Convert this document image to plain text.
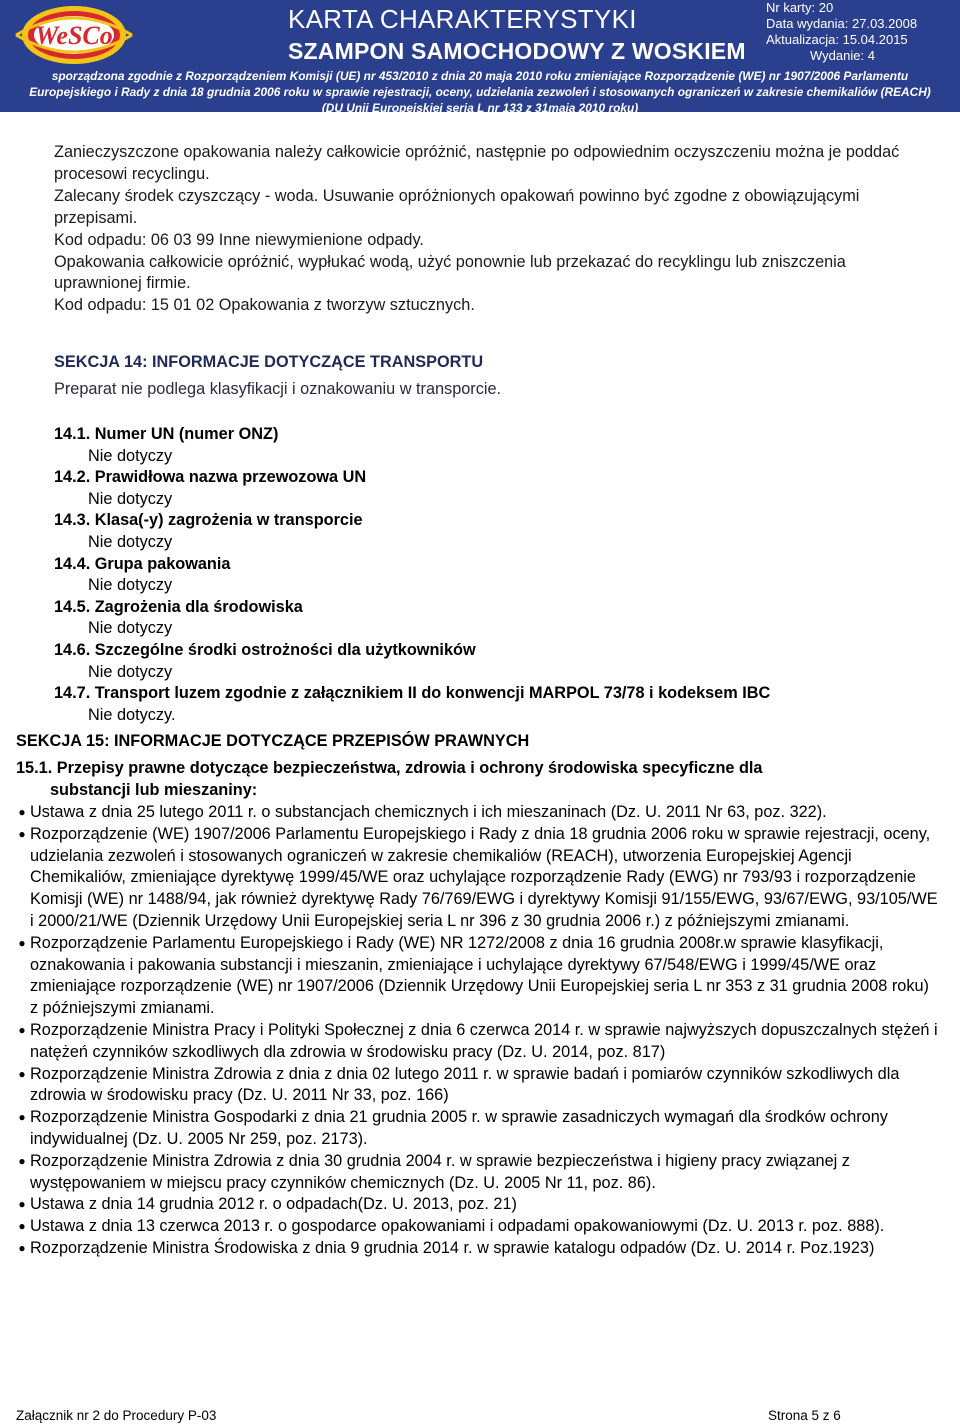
WeSCo
KARTA CHARAKTERYSTYKI
SZAMPON SAMOCHODOWY Z WOSKIEM
Nr karty: 20
Data wydania: 27.03.2008
Aktualizacja: 15.04.2015
Wydanie: 4
sporządzona zgodnie z Rozporządzeniem Komisji (UE) nr 453/2010 z dnia 20 maja 2010 roku zmieniające Rozporządzenie (WE) nr 1907/2006 Parlamentu
Europejskiego i Rady z dnia 18 grudnia 2006 roku w sprawie rejestracji, oceny, udzielania zezwoleń i stosowanych ograniczeń w zakresie chemikaliów (REACH)
(DU Unii Europejskiej seria L nr 133 z 31maja 2010 roku)

Zanieczyszczone opakowania należy całkowicie opróżnić, następnie po odpowiednim oczyszczeniu można je poddać procesowi recyclingu.

Zalecany środek czyszczący - woda. Usuwanie opróżnionych opakowań powinno być zgodne z obowiązującymi przepisami.

Kod odpadu: 06 03 99 Inne niewymienione odpady.

Opakowania całkowicie opróżnić, wypłukać wodą, użyć ponownie lub przekazać do recyklingu lub zniszczenia uprawnionej firmie.

Kod odpadu: 15 01 02 Opakowania z tworzyw sztucznych.

SEKCJA 14: INFORMACJE DOTYCZĄCE TRANSPORTU
Preparat nie podlega klasyfikacji i oznakowaniu w transporcie.
14.1. Numer UN (numer ONZ)
Nie dotyczy
14.2. Prawidłowa nazwa przewozowa UN
Nie dotyczy
14.3. Klasa(-y) zagrożenia w transporcie
Nie dotyczy
14.4. Grupa pakowania
Nie dotyczy
14.5. Zagrożenia dla środowiska
Nie dotyczy
14.6. Szczególne środki ostrożności dla użytkowników
Nie dotyczy
14.7. Transport luzem zgodnie z załącznikiem II do konwencji MARPOL 73/78 i kodeksem IBC
Nie dotyczy.
SEKCJA 15: INFORMACJE DOTYCZĄCE PRZEPISÓW PRAWNYCH
15.1. Przepisy prawne dotyczące bezpieczeństwa, zdrowia i ochrony środowiska specyficzne dla
substancji lub mieszaniny:
● Ustawa z dnia 25 lutego 2011 r. o substancjach chemicznych i ich mieszaninach (Dz. U. 2011 Nr 63, poz. 322).
● Rozporządzenie (WE) 1907/2006 Parlamentu Europejskiego i Rady z dnia 18 grudnia 2006 roku w sprawie rejestracji, oceny, udzielania zezwoleń i stosowanych ograniczeń w zakresie chemikaliów (REACH), utworzenia Europejskiej Agencji Chemikaliów, zmieniające dyrektywę 1999/45/WE oraz uchylające rozporządzenie Rady (EWG) nr 793/93 i rozporządzenie Komisji (WE) nr 1488/94, jak również dyrektywę Rady 76/769/EWG i dyrektywy Komisji 91/155/EWG, 93/67/EWG, 93/105/WE i 2000/21/WE (Dziennik Urzędowy Unii Europejskiej seria L nr 396 z 30 grudnia 2006 r.) z późniejszymi zmianami.
● Rozporządzenie Parlamentu Europejskiego i Rady (WE) NR 1272/2008 z dnia 16 grudnia 2008r.w sprawie klasyfikacji, oznakowania i pakowania substancji i mieszanin, zmieniające i uchylające dyrektywy 67/548/EWG i 1999/45/WE oraz zmieniające rozporządzenie (WE) nr 1907/2006 (Dziennik Urzędowy Unii Europejskiej seria L nr 353 z 31 grudnia 2008 roku) z późniejszymi zmianami.
● Rozporządzenie Ministra Pracy i Polityki Społecznej z dnia 6 czerwca 2014 r. w sprawie najwyższych dopuszczalnych stężeń i natężeń czynników szkodliwych dla zdrowia w środowisku pracy (Dz. U. 2014, poz. 817)
● Rozporządzenie Ministra Zdrowia z dnia z dnia 02 lutego 2011 r. w sprawie badań i pomiarów czynników szkodliwych dla zdrowia w środowisku pracy (Dz. U. 2011 Nr 33, poz. 166)
● Rozporządzenie Ministra Gospodarki z dnia 21 grudnia 2005 r. w sprawie zasadniczych wymagań dla środków ochrony indywidualnej (Dz. U. 2005 Nr 259, poz. 2173).
● Rozporządzenie Ministra Zdrowia z dnia 30 grudnia 2004 r. w sprawie bezpieczeństwa i higieny pracy związanej z występowaniem w miejscu pracy czynników chemicznych (Dz. U. 2005 Nr 11, poz. 86).
● Ustawa z dnia 14 grudnia 2012 r. o odpadach(Dz. U. 2013, poz. 21)
● Ustawa z dnia 13 czerwca 2013 r. o gospodarce opakowaniami i odpadami opakowaniowymi (Dz. U. 2013 r. poz. 888).
● Rozporządzenie Ministra Środowiska z dnia 9 grudnia 2014 r. w sprawie katalogu odpadów (Dz. U. 2014 r. Poz.1923)
Załącznik nr 2 do Procedury P-03	Strona 5 z 6
